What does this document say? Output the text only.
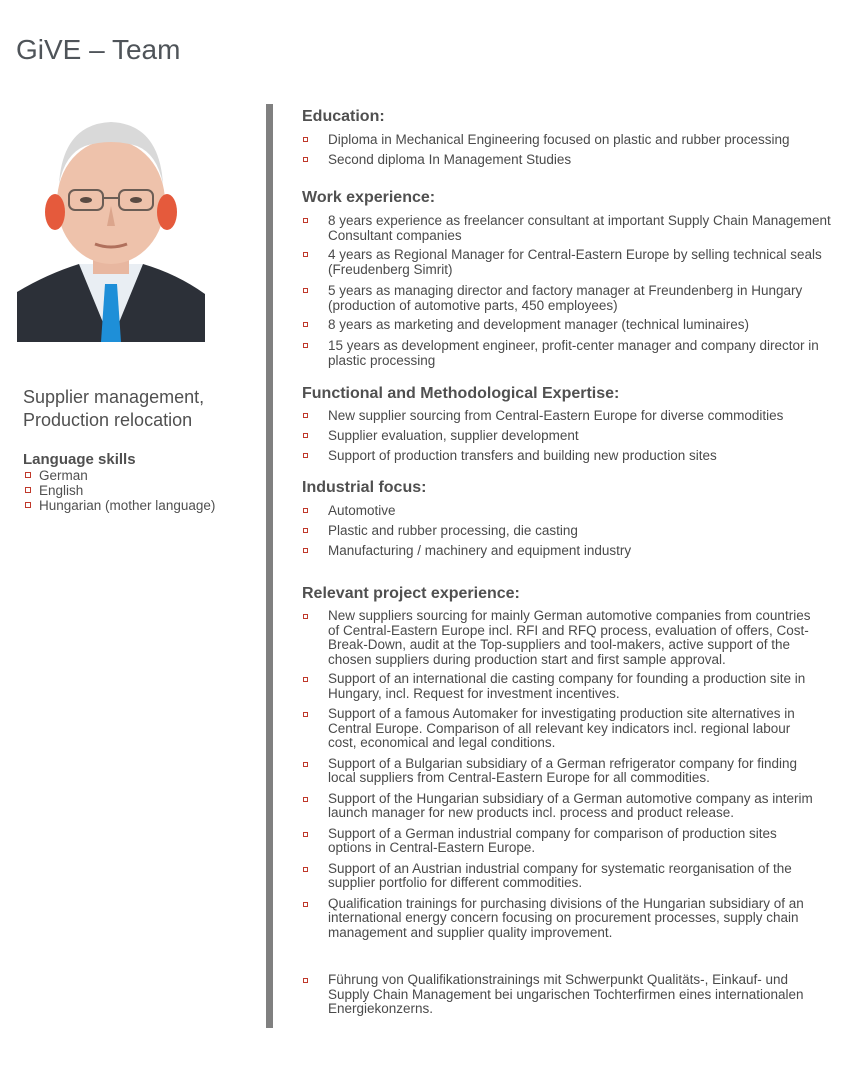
GiVE – Team
Supplier management,
Production relocation
Language skills
German
English
Hungarian (mother language)
Education:
Diploma in Mechanical Engineering focused on plastic and rubber processing
Second diploma In Management Studies
Work experience:
8 years experience as freelancer consultant at important Supply Chain Management Consultant companies
4 years as Regional Manager for Central-Eastern Europe by selling technical seals (Freudenberg Simrit)
5 years as managing director and factory manager at Freundenberg in Hungary (production of automotive parts, 450 employees)
8 years as marketing and development manager (technical luminaires)
15 years as development engineer, profit-center manager and company director in plastic processing
Functional and Methodological Expertise:
New supplier sourcing from Central-Eastern Europe for diverse commodities
Supplier evaluation, supplier development
Support of production transfers and building new production sites
Industrial focus:
Automotive
Plastic and rubber processing, die casting
Manufacturing / machinery and equipment industry
Relevant project experience:
New suppliers sourcing for mainly German automotive companies from countries of Central-Eastern Europe incl. RFI and RFQ process, evaluation of offers, Cost-Break-Down, audit at the Top-suppliers and tool-makers, active support of the chosen suppliers during production start and first sample approval.
Support of an international die casting company for founding a production site in Hungary, incl. Request for investment incentives.
Support of a famous Automaker for investigating production site alternatives in Central Europe. Comparison of all relevant key indicators incl. regional labour cost, economical and legal conditions.
Support of a Bulgarian subsidiary of a German refrigerator company for finding local suppliers from Central-Eastern Europe for all commodities.
Support of the Hungarian subsidiary of a German automotive company as interim launch manager for new products incl. process and product release.
Support of a German industrial company for comparison of production sites options in Central-Eastern Europe.
Support of an Austrian industrial company for systematic reorganisation of the supplier portfolio for different commodities.
Qualification trainings for purchasing divisions of the Hungarian subsidiary of an international energy concern focusing on procurement processes, supply chain management and supplier quality improvement.
Führung von Qualifikationstrainings mit Schwerpunkt Qualitäts-, Einkauf- und Supply Chain Management bei ungarischen Tochterfirmen eines internationalen Energiekonzerns.
